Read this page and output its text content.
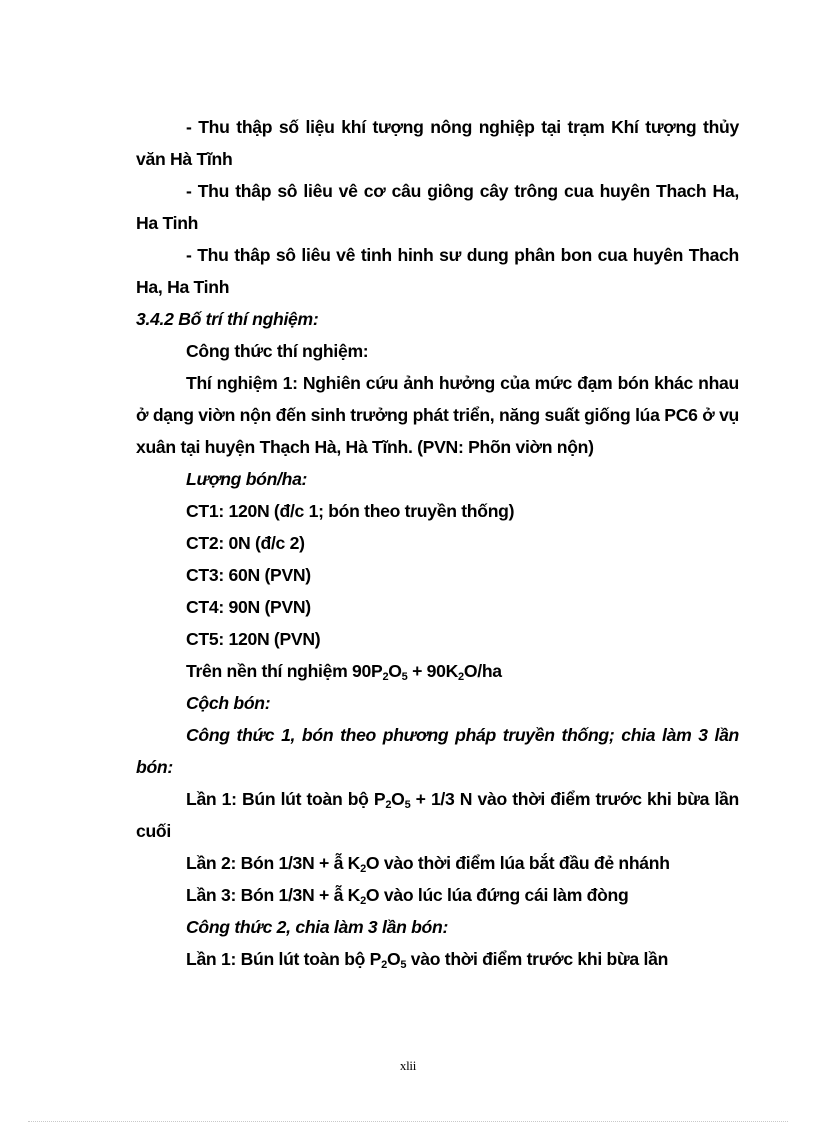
- Thu thập số liệu khí tượng nông nghiệp tại trạm Khí tượng thủy văn Hà Tĩnh

- Thu thâp sô liêu vê cơ câu giông cây trông cua huyên Thach Ha, Ha Tinh

- Thu thâp sô liêu vê tinh hinh sư dung phân bon cua huyên Thach Ha, Ha Tinh

3.4.2 Bố trí thí nghiệm:

Công thức thí nghiệm:

Thí nghiệm 1: Nghiên cứu ảnh hưởng của mức đạm bón khác nhau ở dạng viờn nộn đến sinh trưởng phát triển, năng suất giống lúa PC6 ở vụ xuân tại huyện Thạch Hà, Hà Tĩnh. (PVN: Phõn viờn nộn)

Lượng bón/ha:

CT1: 120N (đ/c 1; bón theo truyền thống)

CT2: 0N (đ/c 2)

CT3: 60N (PVN)

CT4: 90N (PVN)

CT5: 120N (PVN)

Trên nền thí nghiệm $90P_2O_5 + 90K_2O/ha$

Cộch bón:

Công thức 1, bón theo phương pháp truyền thống; chia làm 3 lần bón:

Lần 1: Bún lút toàn bộ $P_2O_5 + 1/3$ N vào thời điểm trước khi bừa lần cuối

Lần 2: Bón 1/3N + ẫ $K_2O$ vào thời điểm lúa bắt đầu đẻ nhánh

Lần 3: Bón 1/3N + ẫ $K_2O$ vào lúc lúa đứng cái làm đòng

Công thức 2, chia làm 3 lần bón:

Lần 1: Bún lút toàn bộ $P_2O_5$ vào thời điểm trước khi bừa lần

xlii
